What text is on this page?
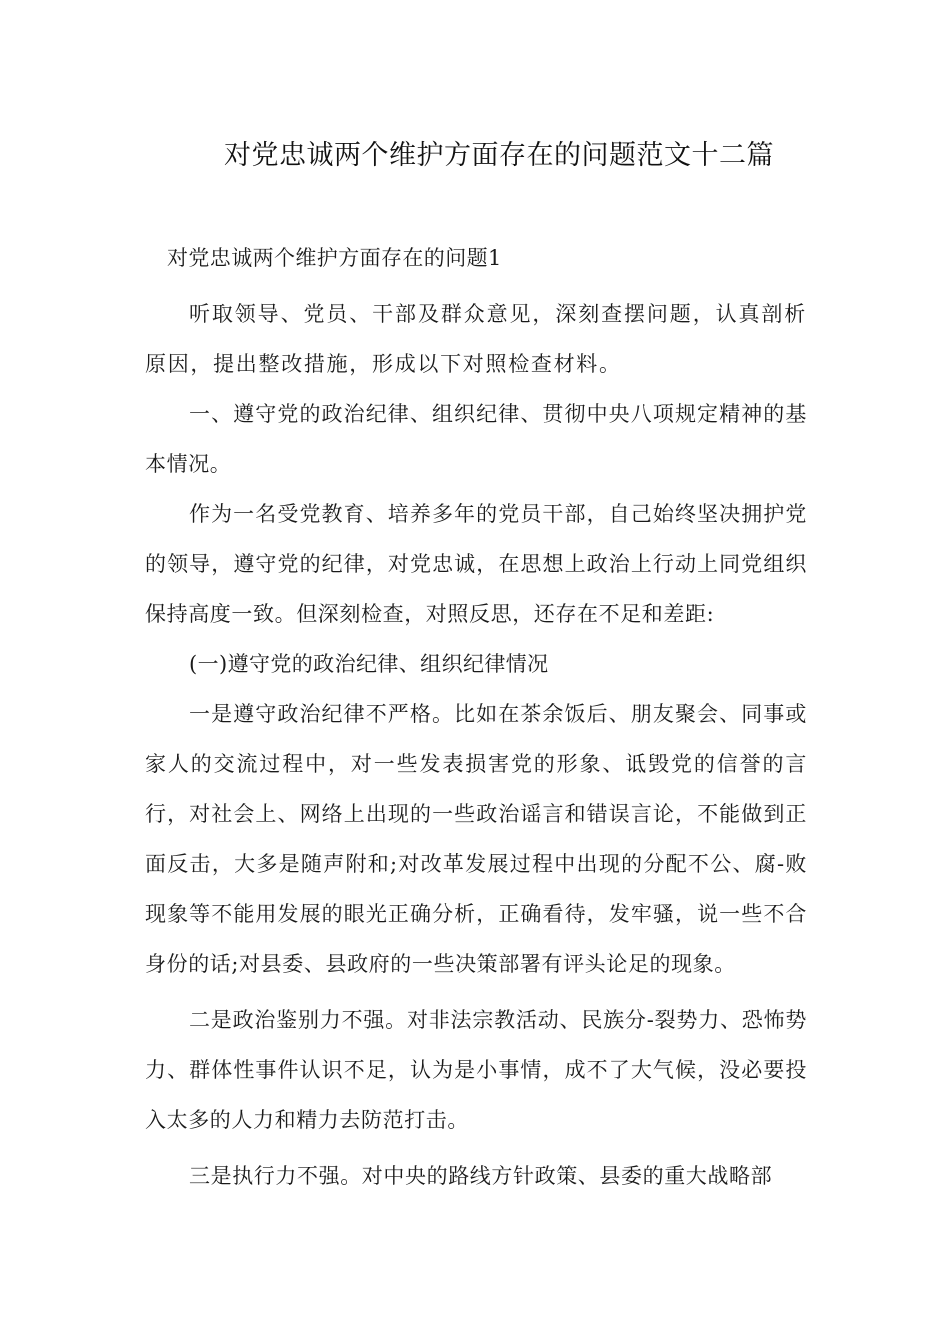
对党忠诚两个维护方面存在的问题范文十二篇

对党忠诚两个维护方面存在的问题1

听取领导、党员、干部及群众意见，深刻查摆问题，认真剖析原因，提出整改措施，形成以下对照检查材料。

一、遵守党的政治纪律、组织纪律、贯彻中央八项规定精神的基本情况。

作为一名受党教育、培养多年的党员干部，自己始终坚决拥护党的领导，遵守党的纪律，对党忠诚，在思想上政治上行动上同党组织保持高度一致。但深刻检查，对照反思，还存在不足和差距:

(一)遵守党的政治纪律、组织纪律情况

一是遵守政治纪律不严格。比如在茶余饭后、朋友聚会、同事或家人的交流过程中，对一些发表损害党的形象、诋毁党的信誉的言行，对社会上、网络上出现的一些政治谣言和错误言论，不能做到正面反击，大多是随声附和;对改革发展过程中出现的分配不公、腐-败现象等不能用发展的眼光正确分析，正确看待，发牢骚，说一些不合身份的话;对县委、县政府的一些决策部署有评头论足的现象。

二是政治鉴别力不强。对非法宗教活动、民族分-裂势力、恐怖势力、群体性事件认识不足，认为是小事情，成不了大气候，没必要投入太多的人力和精力去防范打击。

三是执行力不强。对中央的路线方针政策、县委的重大战略部
